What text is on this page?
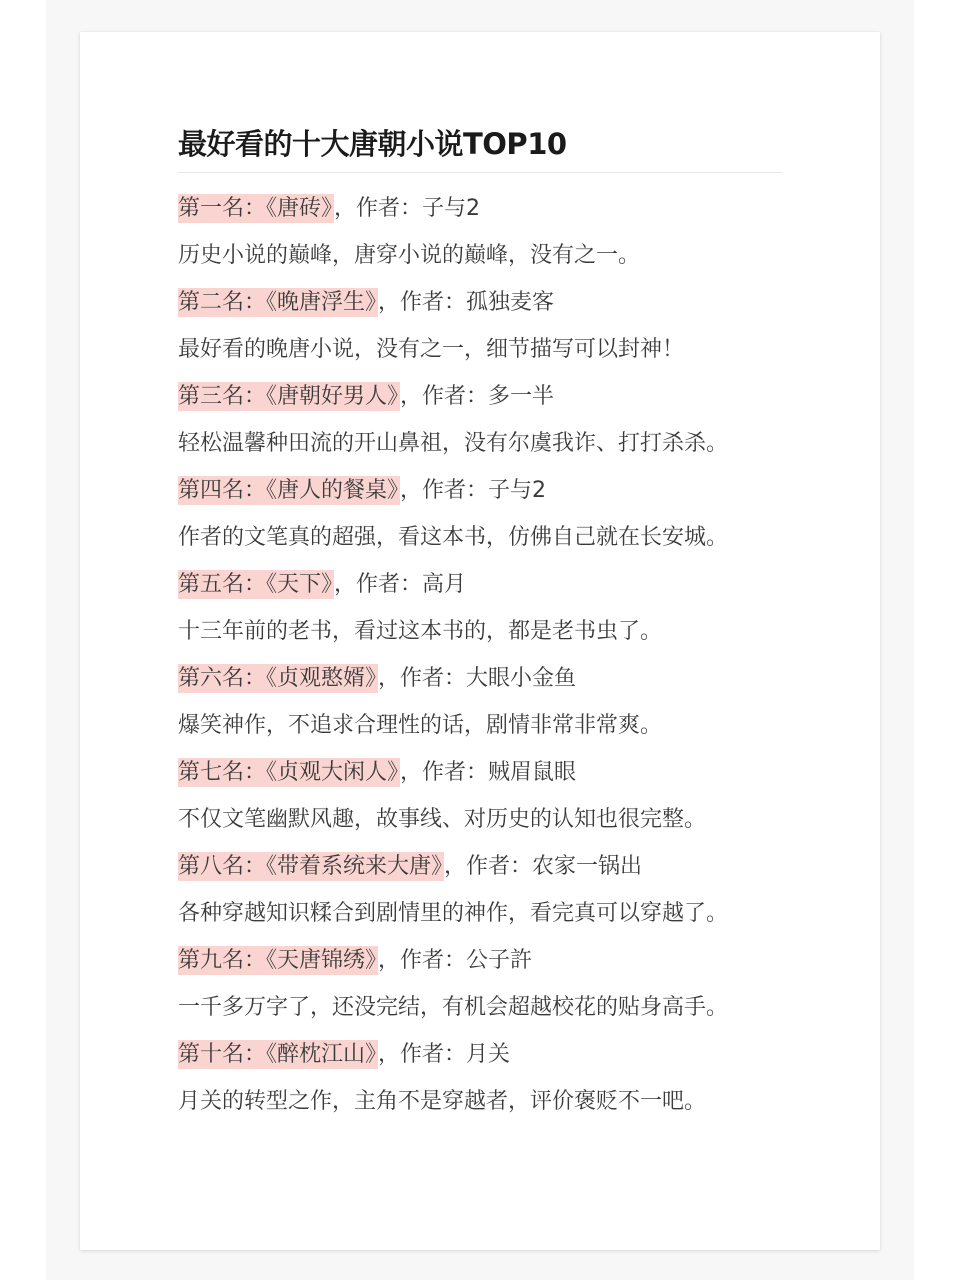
最好看的十大唐朝小说TOP10
第一名：《唐砖》，作者：子与2
历史小说的巅峰，唐穿小说的巅峰，没有之一。
第二名：《晚唐浮生》，作者：孤独麦客
最好看的晚唐小说，没有之一，细节描写可以封神！
第三名：《唐朝好男人》，作者：多一半
轻松温馨种田流的开山鼻祖，没有尔虞我诈、打打杀杀。
第四名：《唐人的餐桌》，作者：子与2
作者的文笔真的超强，看这本书，仿佛自己就在长安城。
第五名：《天下》，作者：高月
十三年前的老书，看过这本书的，都是老书虫了。
第六名：《贞观憨婿》，作者：大眼小金鱼
爆笑神作，不追求合理性的话，剧情非常非常爽。
第七名：《贞观大闲人》，作者：贼眉鼠眼
不仅文笔幽默风趣，故事线、对历史的认知也很完整。
第八名：《带着系统来大唐》，作者：农家一锅出
各种穿越知识糅合到剧情里的神作，看完真可以穿越了。
第九名：《天唐锦绣》，作者：公子許
一千多万字了，还没完结，有机会超越校花的贴身高手。
第十名：《醉枕江山》，作者：月关
月关的转型之作，主角不是穿越者，评价褒贬不一吧。
